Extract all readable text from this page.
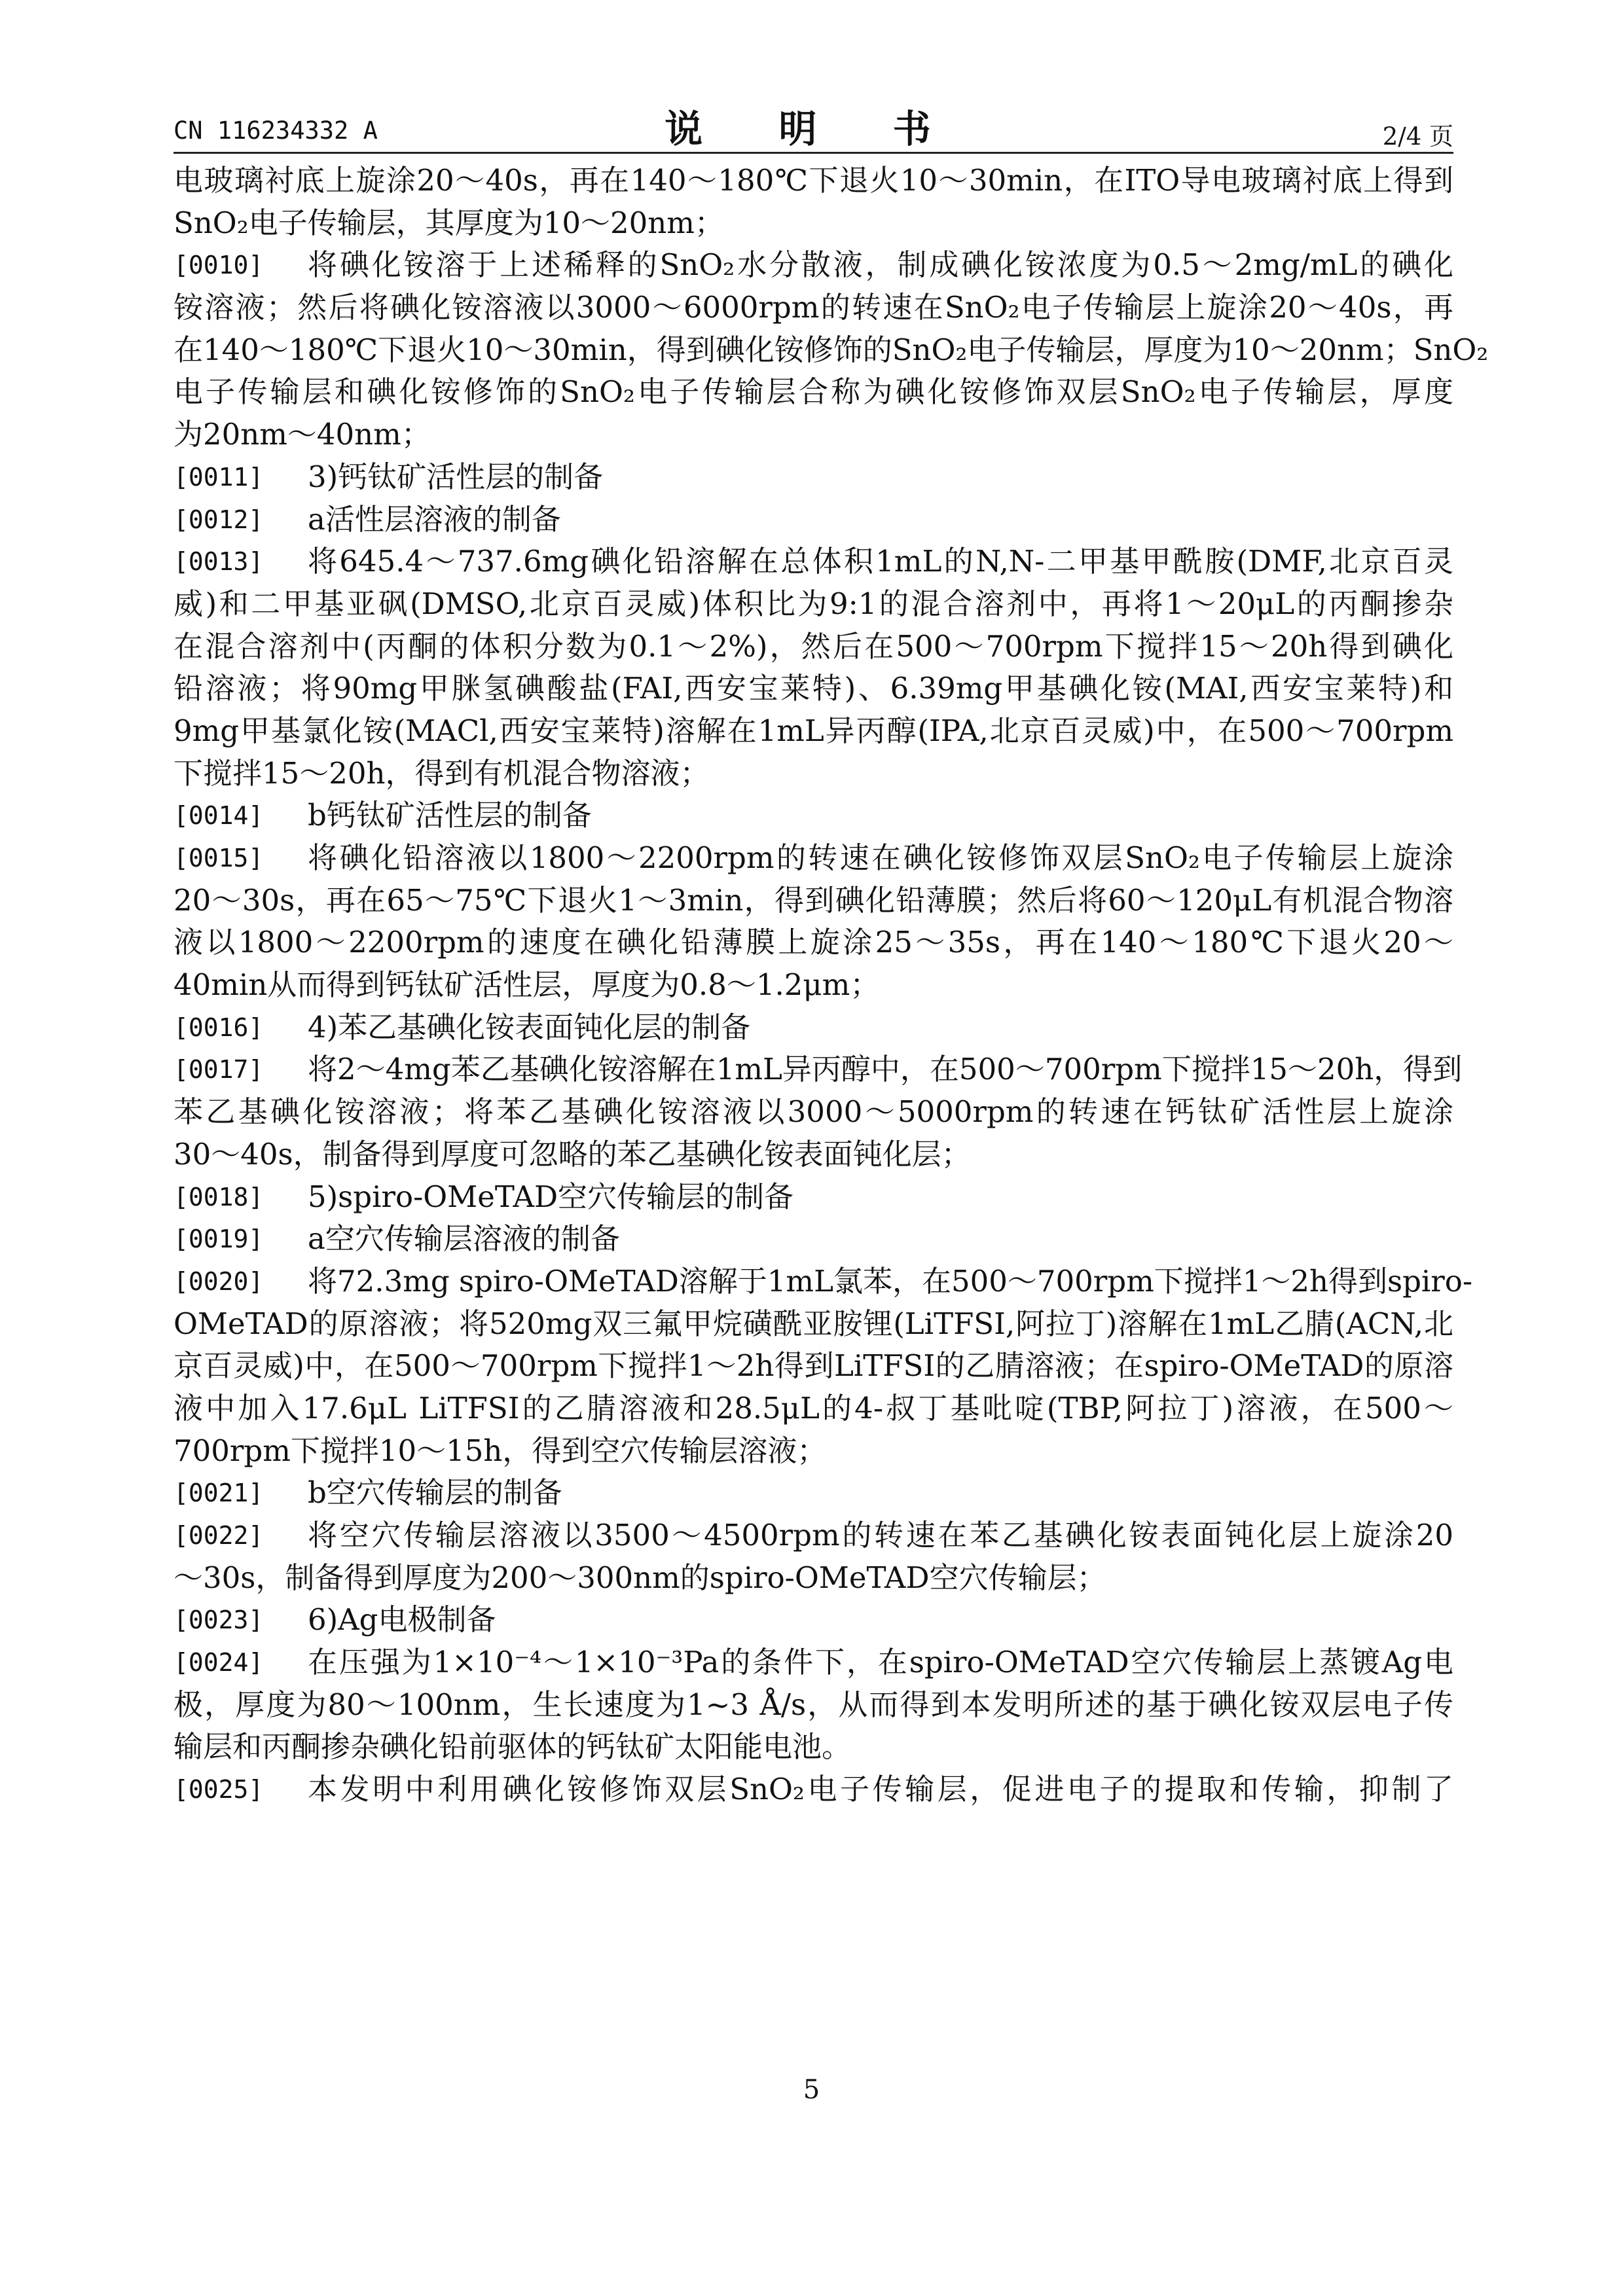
CN 116234332 A	说 明 书	2/4 页
电玻璃衬底上旋涂20～40s，再在140～180℃下退火10～30min，在ITO导电玻璃衬底上得到
SnO₂电子传输层，其厚度为10～20nm；
[0010]	将碘化铵溶于上述稀释的SnO₂水分散液，制成碘化铵浓度为0.5～2mg/mL的碘化
铵溶液；然后将碘化铵溶液以3000～6000rpm的转速在SnO₂电子传输层上旋涂20～40s，再
在140～180℃下退火10～30min，得到碘化铵修饰的SnO₂电子传输层，厚度为10～20nm；SnO₂
电子传输层和碘化铵修饰的SnO₂电子传输层合称为碘化铵修饰双层SnO₂电子传输层，厚度
为20nm～40nm；
[0011]	3)钙钛矿活性层的制备
[0012]	a活性层溶液的制备
[0013]	将645.4～737.6mg碘化铅溶解在总体积1mL的N,N-二甲基甲酰胺(DMF,北京百灵
威)和二甲基亚砜(DMSO,北京百灵威)体积比为9:1的混合溶剂中，再将1～20μL的丙酮掺杂
在混合溶剂中(丙酮的体积分数为0.1～2%)，然后在500～700rpm下搅拌15～20h得到碘化
铅溶液；将90mg甲脒氢碘酸盐(FAI,西安宝莱特)、6.39mg甲基碘化铵(MAI,西安宝莱特)和
9mg甲基氯化铵(MACl,西安宝莱特)溶解在1mL异丙醇(IPA,北京百灵威)中，在500～700rpm
下搅拌15～20h，得到有机混合物溶液；
[0014]	b钙钛矿活性层的制备
[0015]	将碘化铅溶液以1800～2200rpm的转速在碘化铵修饰双层SnO₂电子传输层上旋涂
20～30s，再在65～75℃下退火1～3min，得到碘化铅薄膜；然后将60～120μL有机混合物溶
液以1800～2200rpm的速度在碘化铅薄膜上旋涂25～35s，再在140～180℃下退火20～
40min从而得到钙钛矿活性层，厚度为0.8～1.2μm；
[0016]	4)苯乙基碘化铵表面钝化层的制备
[0017]	将2～4mg苯乙基碘化铵溶解在1mL异丙醇中，在500～700rpm下搅拌15～20h，得到
苯乙基碘化铵溶液；将苯乙基碘化铵溶液以3000～5000rpm的转速在钙钛矿活性层上旋涂
30～40s，制备得到厚度可忽略的苯乙基碘化铵表面钝化层；
[0018]	5)spiro-OMeTAD空穴传输层的制备
[0019]	a空穴传输层溶液的制备
[0020]	将72.3mg spiro-OMeTAD溶解于1mL氯苯，在500～700rpm下搅拌1～2h得到spiro-
OMeTAD的原溶液；将520mg双三氟甲烷磺酰亚胺锂(LiTFSI,阿拉丁)溶解在1mL乙腈(ACN,北
京百灵威)中，在500～700rpm下搅拌1～2h得到LiTFSI的乙腈溶液；在spiro-OMeTAD的原溶
液中加入17.6μL LiTFSI的乙腈溶液和28.5μL的4-叔丁基吡啶(TBP,阿拉丁)溶液，在500～
700rpm下搅拌10～15h，得到空穴传输层溶液；
[0021]	b空穴传输层的制备
[0022]	将空穴传输层溶液以3500～4500rpm的转速在苯乙基碘化铵表面钝化层上旋涂20
～30s，制备得到厚度为200～300nm的spiro-OMeTAD空穴传输层；
[0023]	6)Ag电极制备
[0024]	在压强为1×10⁻⁴～1×10⁻³Pa的条件下，在spiro-OMeTAD空穴传输层上蒸镀Ag电
极，厚度为80～100nm，生长速度为1~3 Å/s，从而得到本发明所述的基于碘化铵双层电子传
输层和丙酮掺杂碘化铅前驱体的钙钛矿太阳能电池。
[0025]	本发明中利用碘化铵修饰双层SnO₂电子传输层，促进电子的提取和传输，抑制了
5
